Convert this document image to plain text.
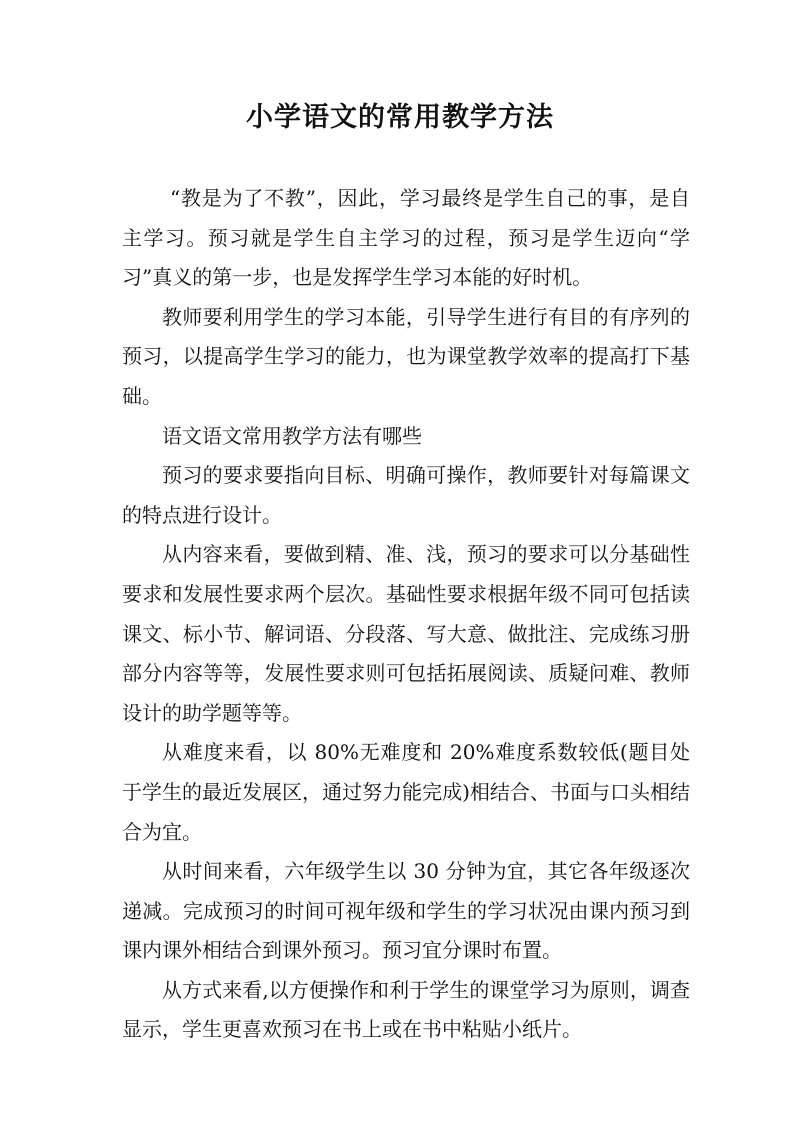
小学语文的常用教学方法

“教是为了不教”，因此，学习最终是学生自己的事，是自主学习。预习就是学生自主学习的过程，预习是学生迈向“学习”真义的第一步，也是发挥学生学习本能的好时机。

教师要利用学生的学习本能，引导学生进行有目的有序列的预习，以提高学生学习的能力，也为课堂教学效率的提高打下基础。

语文语文常用教学方法有哪些

预习的要求要指向目标、明确可操作，教师要针对每篇课文的特点进行设计。

从内容来看，要做到精、准、浅，预习的要求可以分基础性要求和发展性要求两个层次。基础性要求根据年级不同可包括读课文、标小节、解词语、分段落、写大意、做批注、完成练习册部分内容等等，发展性要求则可包括拓展阅读、质疑问难、教师设计的助学题等等。

从难度来看，以 80%无难度和 20%难度系数较低(题目处于学生的最近发展区，通过努力能完成)相结合、书面与口头相结合为宜。

从时间来看，六年级学生以 30 分钟为宜，其它各年级逐次递减。完成预习的时间可视年级和学生的学习状况由课内预习到课内课外相结合到课外预习。预习宜分课时布置。

从方式来看,以方便操作和利于学生的课堂学习为原则，调查显示，学生更喜欢预习在书上或在书中粘贴小纸片。
